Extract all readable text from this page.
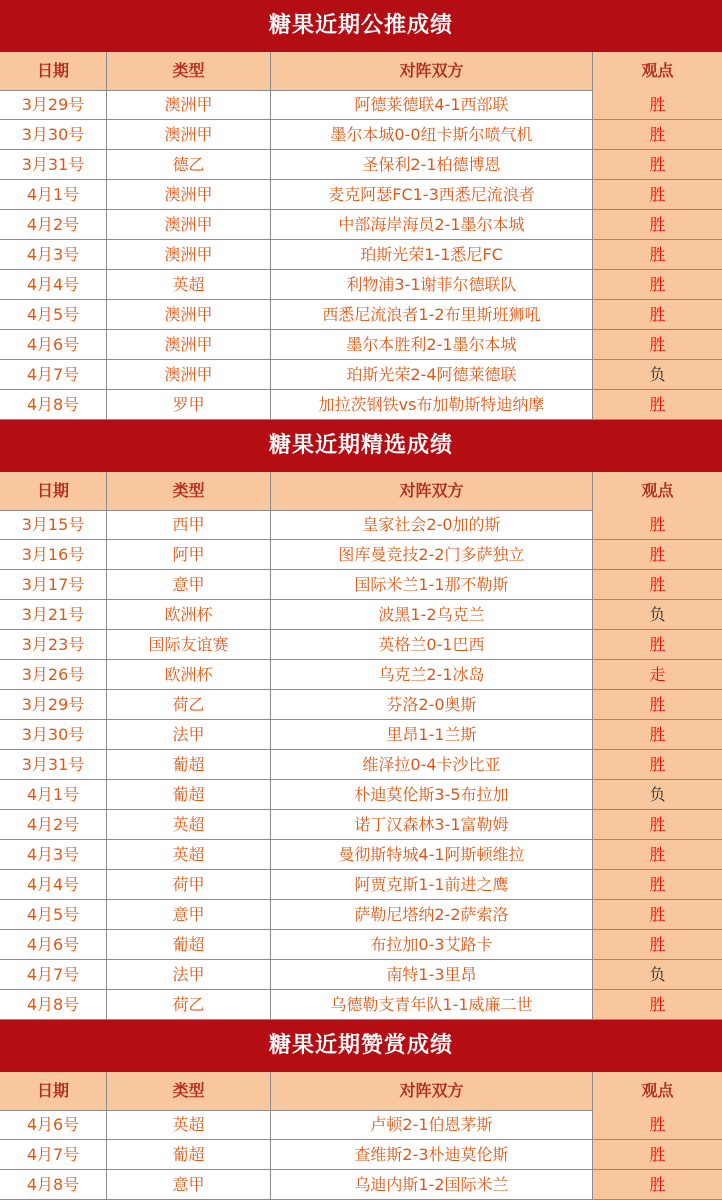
糖果近期公推成绩
日期	类型	对阵双方	观点
3月29号	澳洲甲	阿德莱德联4-1西部联	胜
3月30号	澳洲甲	墨尔本城0-0纽卡斯尔喷气机	胜
3月31号	德乙	圣保利2-1柏德博恩	胜
4月1号	澳洲甲	麦克阿瑟FC1-3西悉尼流浪者	胜
4月2号	澳洲甲	中部海岸海员2-1墨尔本城	胜
4月3号	澳洲甲	珀斯光荣1-1悉尼FC	胜
4月4号	英超	利物浦3-1谢菲尔德联队	胜
4月5号	澳洲甲	西悉尼流浪者1-2布里斯班狮吼	胜
4月6号	澳洲甲	墨尔本胜利2-1墨尔本城	胜
4月7号	澳洲甲	珀斯光荣2-4阿德莱德联	负
4月8号	罗甲	加拉茨钢铁vs布加勒斯特迪纳摩	胜
糖果近期精选成绩
日期	类型	对阵双方	观点
3月15号	西甲	皇家社会2-0加的斯	胜
3月16号	阿甲	图库曼竞技2-2门多萨独立	胜
3月17号	意甲	国际米兰1-1那不勒斯	胜
3月21号	欧洲杯	波黑1-2乌克兰	负
3月23号	国际友谊赛	英格兰0-1巴西	胜
3月26号	欧洲杯	乌克兰2-1冰岛	走
3月29号	荷乙	芬洛2-0奥斯	胜
3月30号	法甲	里昂1-1兰斯	胜
3月31号	葡超	维泽拉0-4卡沙比亚	胜
4月1号	葡超	朴迪莫伦斯3-5布拉加	负
4月2号	英超	诺丁汉森林3-1富勒姆	胜
4月3号	英超	曼彻斯特城4-1阿斯顿维拉	胜
4月4号	荷甲	阿贾克斯1-1前进之鹰	胜
4月5号	意甲	萨勒尼塔纳2-2萨索洛	胜
4月6号	葡超	布拉加0-3艾路卡	胜
4月7号	法甲	南特1-3里昂	负
4月8号	荷乙	乌德勒支青年队1-1威廉二世	胜
糖果近期赞赏成绩
日期	类型	对阵双方	观点
4月6号	英超	卢顿2-1伯恩茅斯	胜
4月7号	葡超	查维斯2-3朴迪莫伦斯	胜
4月8号	意甲	乌迪内斯1-2国际米兰	胜
